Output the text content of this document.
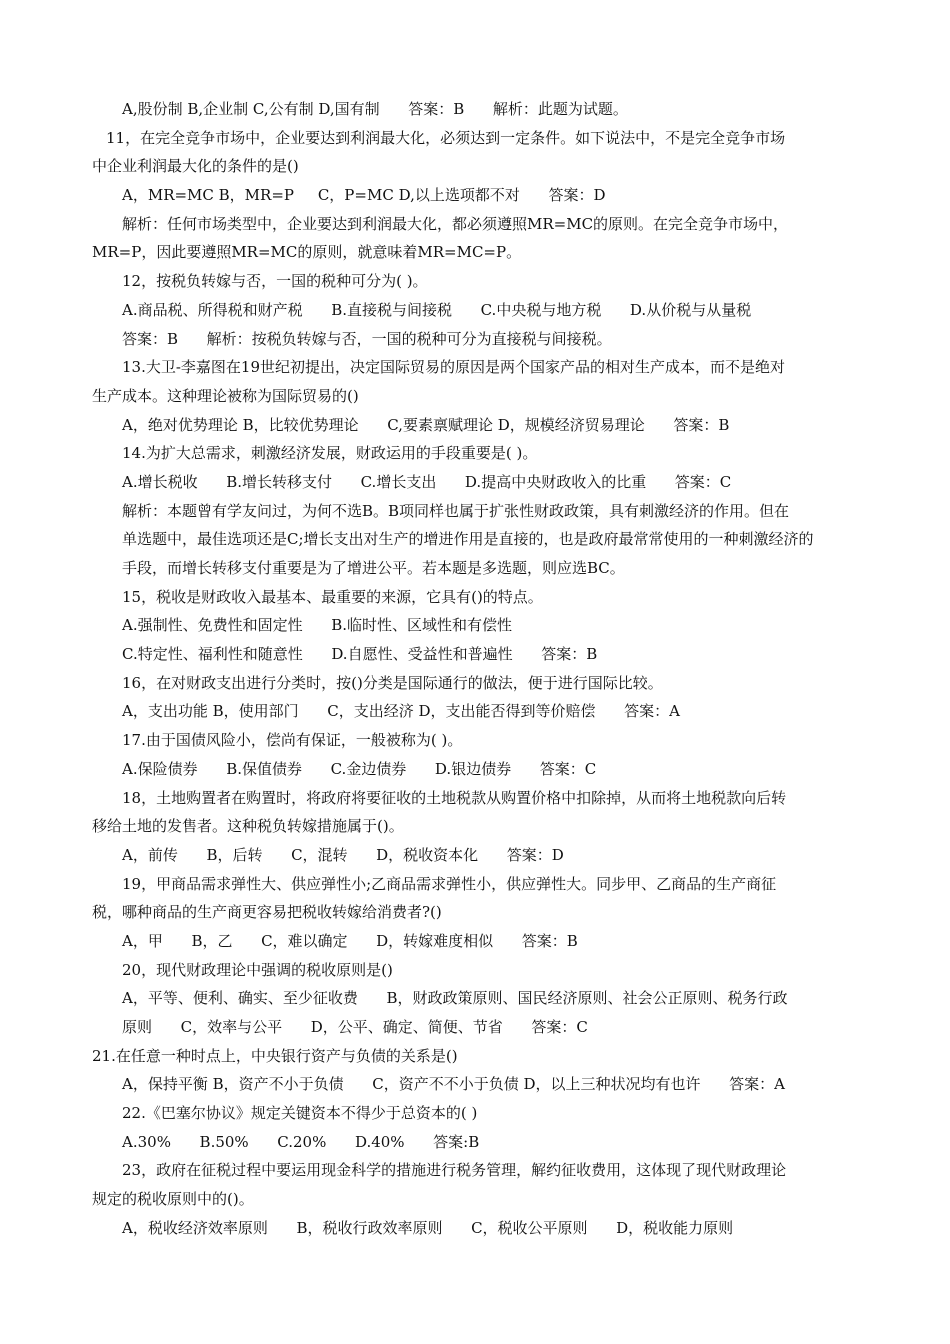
A,股份制 B,企业制 C,公有制 D,国有制      答案：B      解析：此题为试题。
11，在完全竞争市场中，企业要达到利润最大化，必须达到一定条件。如下说法中，不是完全竞争市场
中企业利润最大化的条件的是()
A，MR=MC B，MR=P     C，P=MC D,以上选项都不对      答案：D
解析：任何市场类型中，企业要达到利润最大化，都必须遵照MR=MC的原则。在完全竞争市场中，
MR=P，因此要遵照MR=MC的原则，就意味着MR=MC=P。
12，按税负转嫁与否，一国的税种可分为( )。
A.商品税、所得税和财产税      B.直接税与间接税      C.中央税与地方税      D.从价税与从量税
答案：B      解析：按税负转嫁与否，一国的税种可分为直接税与间接税。
13.大卫-李嘉图在19世纪初提出，决定国际贸易的原因是两个国家产品的相对生产成本，而不是绝对
生产成本。这种理论被称为国际贸易的()
A，绝对优势理论 B，比较优势理论      C,要素禀赋理论 D，规模经济贸易理论      答案：B
14.为扩大总需求，刺激经济发展，财政运用的手段重要是( )。
A.增长税收      B.增长转移支付      C.增长支出      D.提高中央财政收入的比重      答案：C
解析：本题曾有学友问过，为何不选B。B项同样也属于扩张性财政政策，具有刺激经济的作用。但在
单选题中，最佳选项还是C;增长支出对生产的增进作用是直接的，也是政府最常常使用的一种刺激经济的
手段，而增长转移支付重要是为了增进公平。若本题是多选题，则应选BC。
15，税收是财政收入最基本、最重要的来源，它具有()的特点。
A.强制性、免费性和固定性      B.临时性、区域性和有偿性
C.特定性、福利性和随意性      D.自愿性、受益性和普遍性      答案：B
16，在对财政支出进行分类时，按()分类是国际通行的做法，便于进行国际比较。
A，支出功能 B，使用部门      C，支出经济 D，支出能否得到等价赔偿      答案：A
17.由于国债风险小，偿尚有保证，一般被称为( )。
A.保险债券      B.保值债券      C.金边债券      D.银边债券      答案：C
18，土地购置者在购置时，将政府将要征收的土地税款从购置价格中扣除掉，从而将土地税款向后转
移给土地的发售者。这种税负转嫁措施属于()。
A，前传      B，后转      C，混转      D，税收资本化      答案：D
19，甲商品需求弹性大、供应弹性小;乙商品需求弹性小，供应弹性大。同步甲、乙商品的生产商征
税，哪种商品的生产商更容易把税收转嫁给消费者?()
A，甲      B，乙      C，难以确定      D，转嫁难度相似      答案：B
20，现代财政理论中强调的税收原则是()
A，平等、便利、确实、至少征收费      B，财政政策原则、国民经济原则、社会公正原则、税务行政
原则      C，效率与公平      D，公平、确定、简便、节省      答案：C
21.在任意一种时点上，中央银行资产与负债的关系是()
A，保持平衡 B，资产不小于负债      C，资产不不小于负债 D，以上三种状况均有也许      答案：A
22.《巴塞尔协议》规定关键资本不得少于总资本的( )
A.30%      B.50%      C.20%      D.40%      答案:B
23，政府在征税过程中要运用现金科学的措施进行税务管理，解约征收费用，这体现了现代财政理论
规定的税收原则中的()。
A，税收经济效率原则      B，税收行政效率原则      C，税收公平原则      D，税收能力原则
